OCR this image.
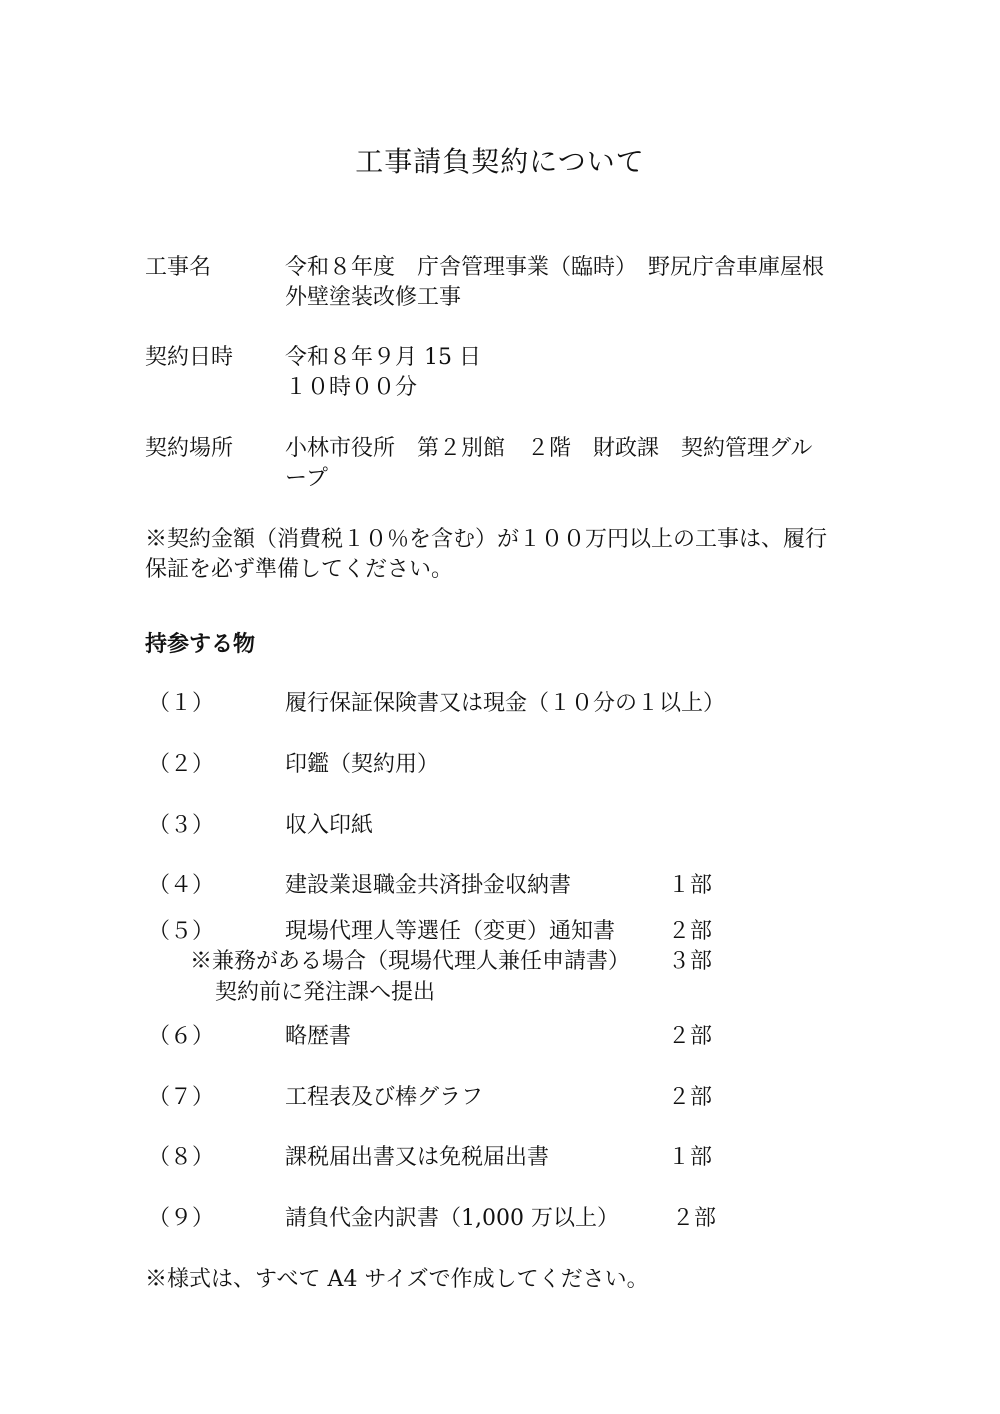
工事請負契約について
工事名	令和８年度　庁舎管理事業（臨時）　野尻庁舎車庫屋根
外壁塗装改修工事
契約日時 令和８年９月 15 日
１０時００分
契約場所 小林市役所　第２別館　２階　財政課　契約管理グル
ープ
※契約金額（消費税１０％を含む）が１００万円以上の工事は、履行
保証を必ず準備してください。
持参する物
（１）	履行保証保険書又は現金（１０分の１以上）
（２）	印鑑（契約用）
（３）	収入印紙
（４）	建設業退職金共済掛金収納書	１部
（５）	現場代理人等選任（変更）通知書 ２部
※兼務がある場合（現場代理人兼任申請書） ３部
契約前に発注課へ提出
（６）	略歴書	２部
（７）	工程表及び棒グラフ	２部
（８）	課税届出書又は免税届出書	１部
（９）	請負代金内訳書（1,000 万以上） ２部
※様式は、すべて A4 サイズで作成してください。
